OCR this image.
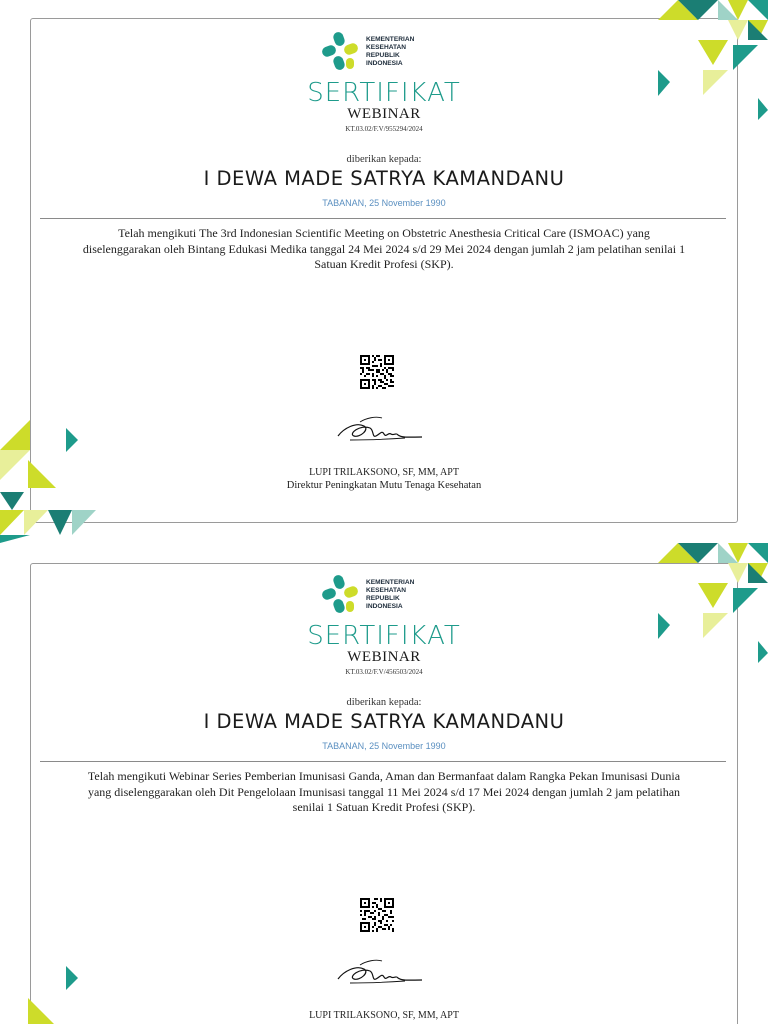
KEMENTERIAN
KESEHATAN
REPUBLIK
INDONESIA
SERTIFIKAT
WEBINAR
KT.03.02/F.V/955294/2024
diberikan kepada:
I DEWA MADE SATRYA KAMANDANU
TABANAN, 25 November 1990
Telah mengikuti The 3rd Indonesian Scientific Meeting on Obstetric Anesthesia Critical Care (ISMOAC) yang diselenggarakan oleh Bintang Edukasi Medika tanggal 24 Mei 2024 s/d 29 Mei 2024 dengan jumlah 2 jam pelatihan senilai 1 Satuan Kredit Profesi (SKP).
LUPI TRILAKSONO, SF, MM, APT
Direktur Peningkatan Mutu Tenaga Kesehatan
KEMENTERIAN
KESEHATAN
REPUBLIK
INDONESIA
SERTIFIKAT
WEBINAR
KT.03.02/F.V/456503/2024
diberikan kepada:
I DEWA MADE SATRYA KAMANDANU
TABANAN, 25 November 1990
Telah mengikuti Webinar Series Pemberian Imunisasi Ganda, Aman dan Bermanfaat dalam Rangka Pekan Imunisasi Dunia yang diselenggarakan oleh Dit Pengelolaan Imunisasi tanggal 11 Mei 2024 s/d 17 Mei 2024 dengan jumlah 2 jam pelatihan senilai 1 Satuan Kredit Profesi (SKP).
LUPI TRILAKSONO, SF, MM, APT
